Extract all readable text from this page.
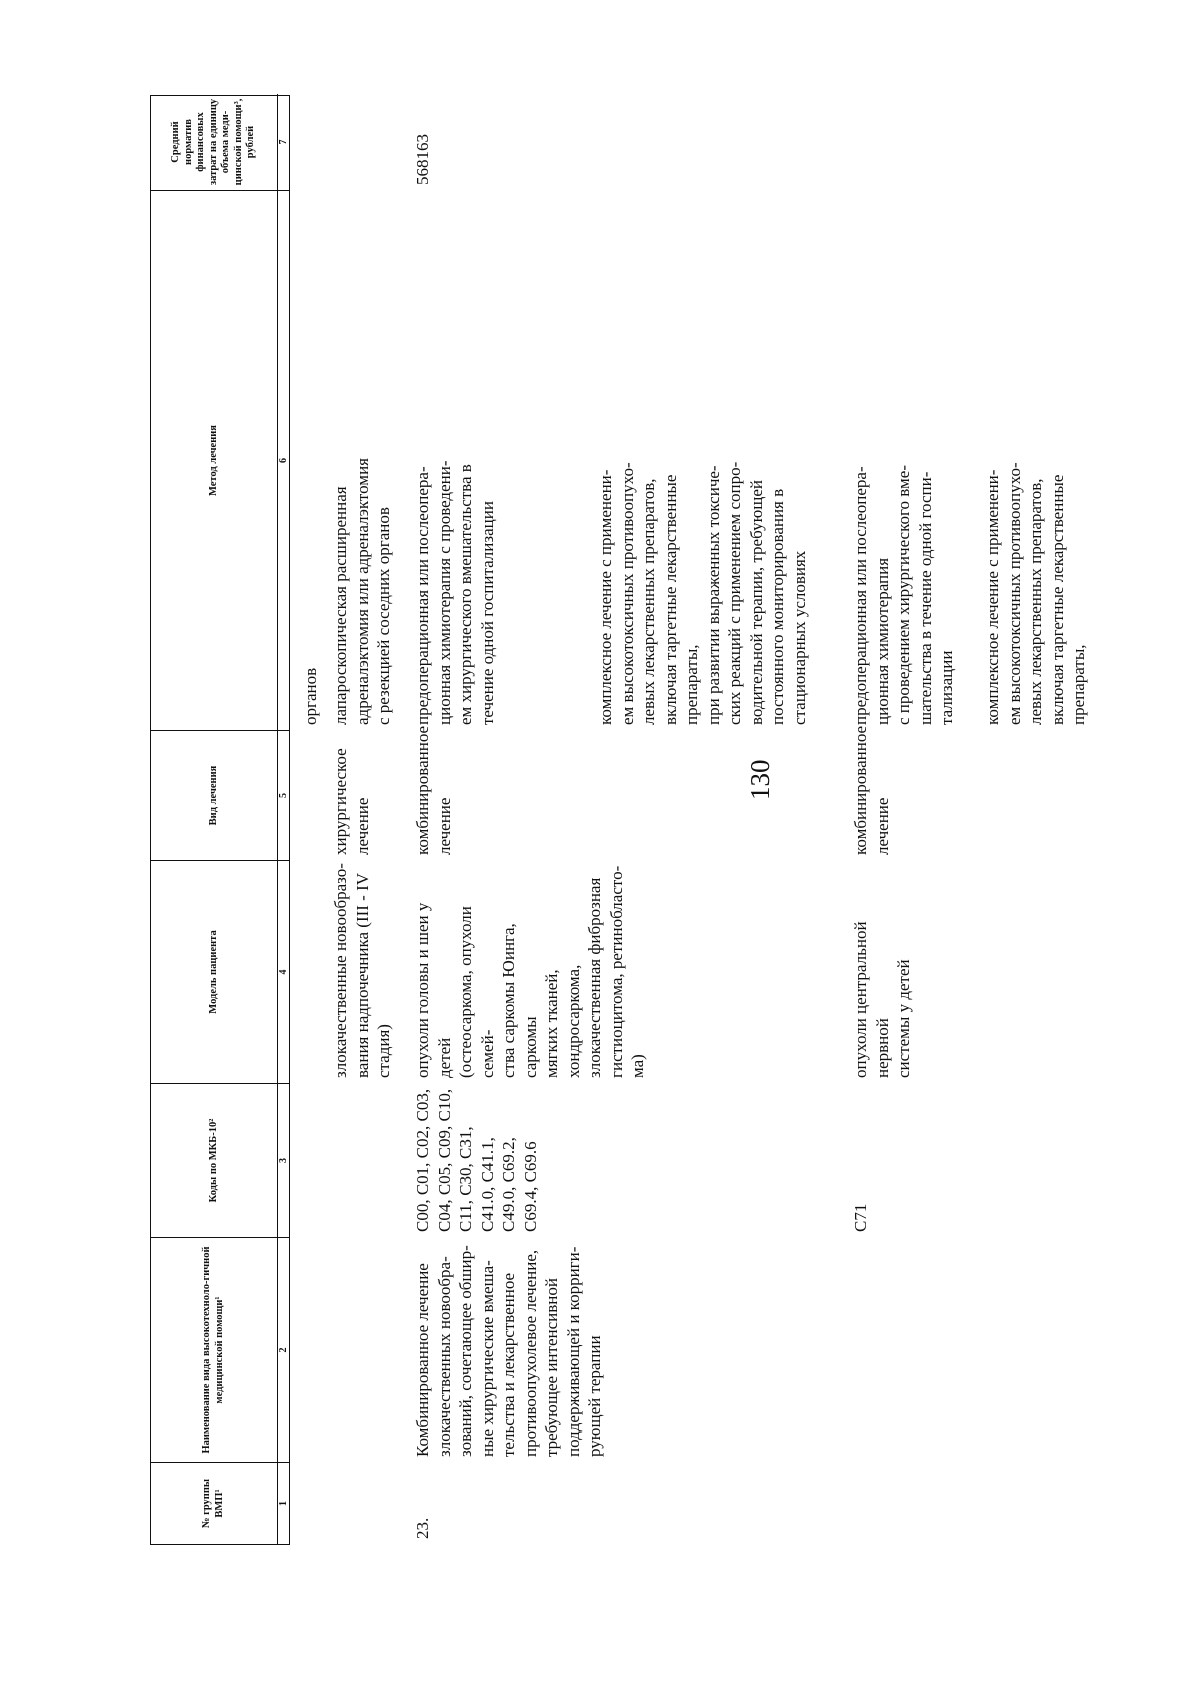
130
№ группы ВМП¹
Наименование вида высокотехноло-гичной медицинской помощи¹
Коды по МКБ-10²
Модель пациента
Вид лечения
Метод лечения
Средний норматив финансовых затрат на единицу объема меди-цинской помощи³, рублей
1
2
3
4
5
6
7
органов
злокачественные новообразо-
вания надпочечника (III - IV
стадия)
хирургическое
лечение
лапароскопическая расширенная
адреналэктомия или адреналэктомия
с резекцией соседних органов
23.
Комбинированное лечение
злокачественных новообра-
зований, сочетающее обшир-
ные хирургические вмеша-
тельства и лекарственное
противоопухолевое лечение,
требующее интенсивной
поддерживающей и корриги-
рующей терапии
C00, C01, C02, C03,
C04, C05, C09, C10,
C11, C30, C31,
C41.0, C41.1,
C49.0, C69.2,
C69.4, C69.6
опухоли головы и шеи у детей
(остеосаркома, опухоли семей-
ства саркомы Юинга, саркомы
мягких тканей, хондросаркома,
злокачественная фиброзная
гистиоцитома, ретинобласто-
ма)
комбинированное
лечение
предоперационная или послеопера-
ционная химиотерапия с проведени-
ем хирургического вмешательства в
течение одной госпитализации
568163
комплексное лечение с применени-
ем высокотоксичных противоопухо-
левых лекарственных препаратов,
включая таргетные лекарственные
препараты,
при развитии выраженных токсиче-
ских реакций с применением сопро-
водительной терапии, требующей
постоянного мониторирования в
стационарных условиях
C71
опухоли центральной нервной
системы у детей
комбинированное
лечение
предоперационная или послеопера-
ционная химиотерапия
с проведением хирургического вме-
шательства в течение одной госпи-
тализации комплексное лечение с применени-
ем высокотоксичных противоопухо-
левых лекарственных препаратов,
включая таргетные лекарственные
препараты,
